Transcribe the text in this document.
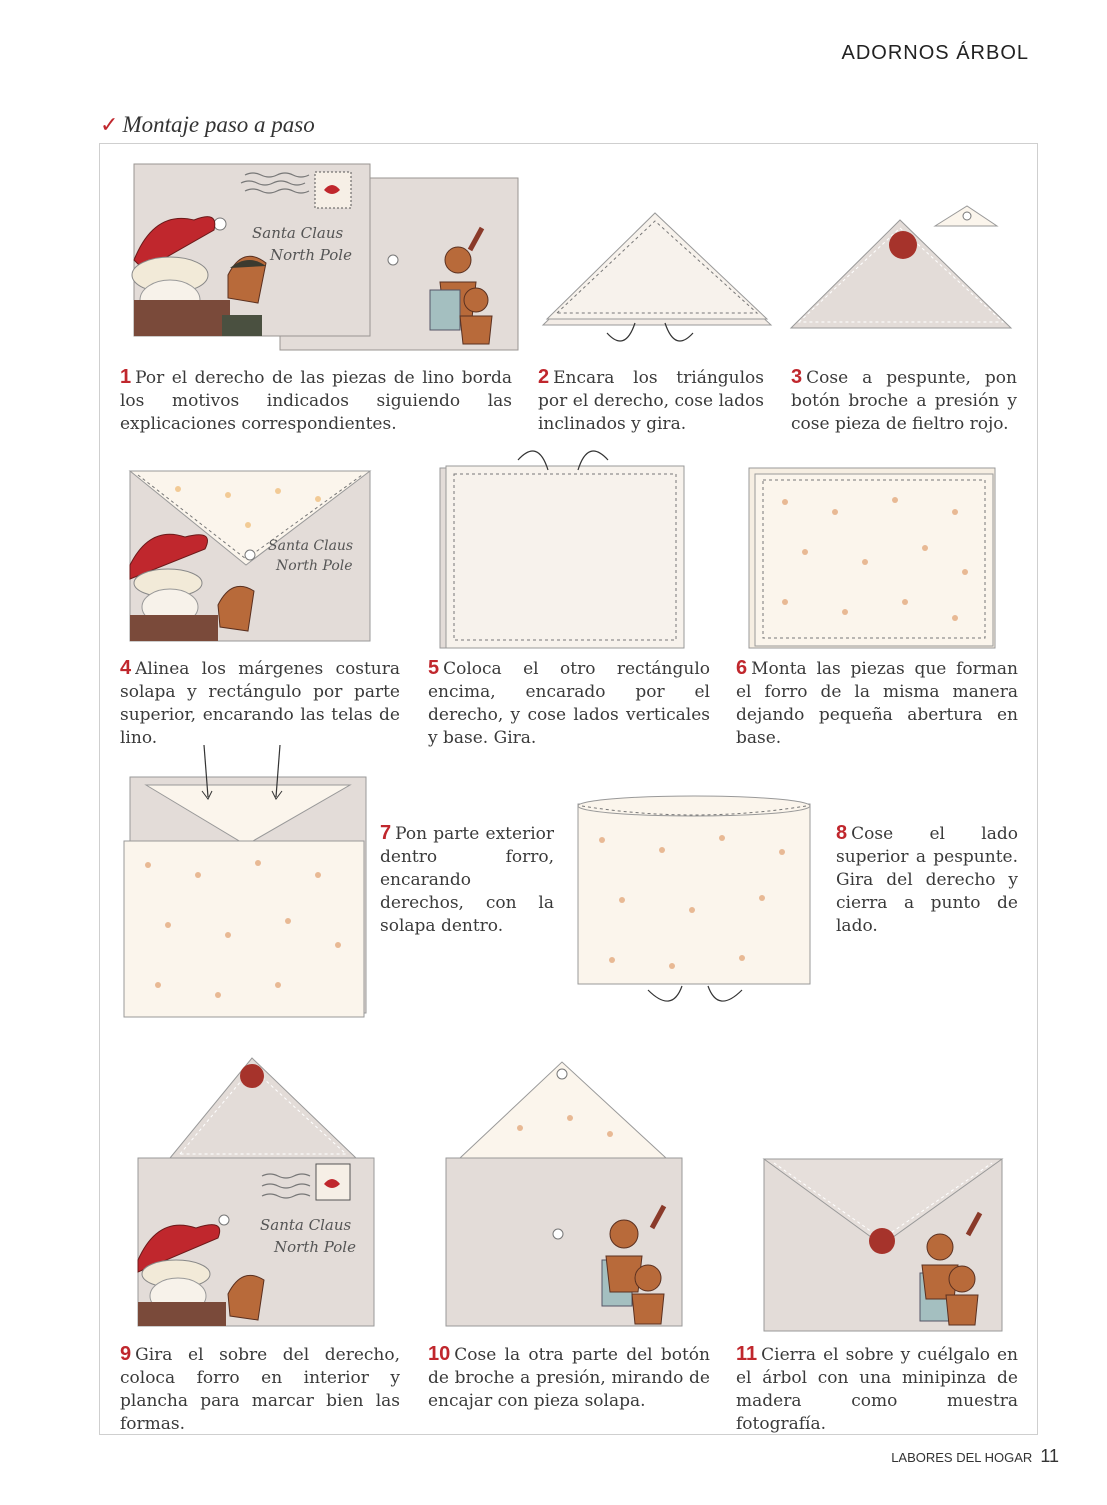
ADORNOS ÁRBOL
✓ Montaje paso a paso
Santa Claus
North Pole
Santa Claus
North Pole
Santa Claus
North Pole
1 Por el derecho de las piezas de lino borda los motivos indicados siguiendo las explicaciones correspondientes.
2 Encara los triángulos por el derecho, cose lados inclinados y gira.
3 Cose a pespunte, pon botón broche a presión y cose pieza de fieltro rojo.
4 Alinea los márgenes costura solapa y rectángulo por parte superior, encarando las telas de lino.
5 Coloca el otro rectángulo encima, encarado por el derecho, y cose lados verticales y base. Gira.
6 Monta las piezas que forman el forro de la misma manera dejando pequeña abertura en base.
7 Pon parte exterior dentro forro, encarando derechos, con la solapa dentro.
8 Cose el lado superior a pespunte. Gira del derecho y cierra a punto de lado.
9 Gira el sobre del derecho, coloca forro en interior y plancha para marcar bien las formas.
10 Cose la otra parte del botón de broche a presión, mirando de encajar con pieza solapa.
11 Cierra el sobre y cuélgalo en el árbol con una minipinza de madera como muestra fotografía.
LABORES DEL HOGAR 11
